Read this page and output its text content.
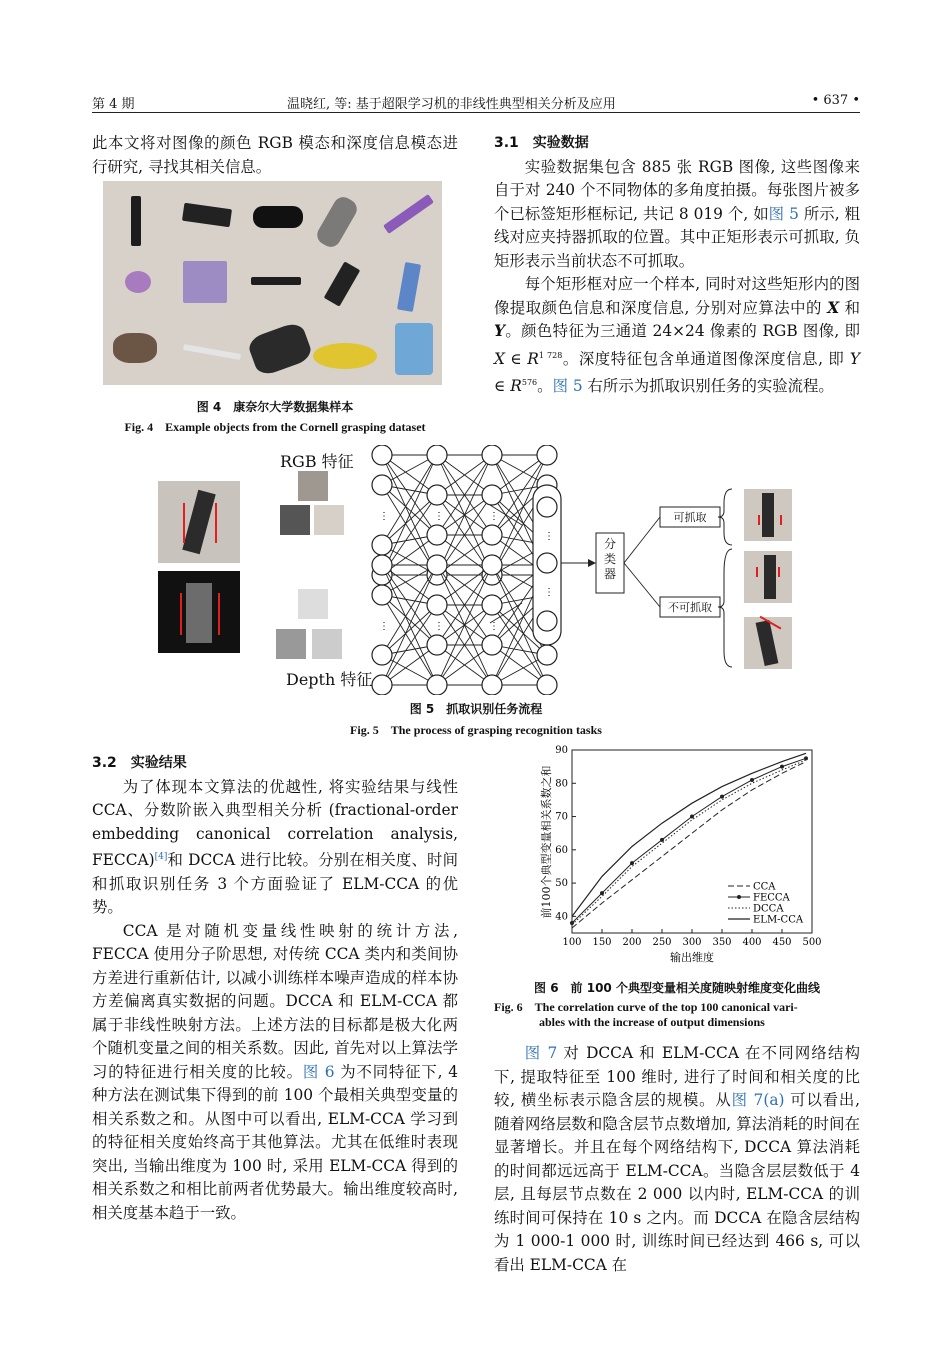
第 4 期	温晓红, 等: 基于超限学习机的非线性典型相关分析及应用	• 637 •

此本文将对图像的颜色 RGB 模态和深度信息模态进行研究, 寻找其相关信息。

图 4　康奈尔大学数据集样本
Fig. 4　Example objects from the Cornell grasping dataset

3.1　实验数据

实验数据集包含 885 张 RGB 图像, 这些图像来自于对 240 个不同物体的多角度拍摄。每张图片被多个已标签矩形框标记, 共记 8 019 个, 如图 5 所示, 粗线对应夹持器抓取的位置。其中正矩形表示可抓取, 负矩形表示当前状态不可抓取。

每个矩形框对应一个样本, 同时对这些矩形内的图像提取颜色信息和深度信息, 分别对应算法中的 X 和 Y。颜色特征为三通道 24×24 像素的 RGB 图像, 即 X ∈ $R^{1 728}$。深度特征包含单通道图像深度信息, 即 Y ∈ $R^{576}$。图 5 右所示为抓取识别任务的实验流程。

RGB 特征
Depth 特征
⋮	⋮	⋮
⋮	⋮	⋮
⋮
⋮
分类器
可抓取
不可抓取
图 5　抓取识别任务流程
Fig. 5　The process of grasping recognition tasks

3.2　实验结果

为了体现本文算法的优越性, 将实验结果与线性 CCA、分数阶嵌入典型相关分析 (fractional-order embedding canonical correlation analysis, FECCA)[4]和 DCCA 进行比较。分别在相关度、时间和抓取识别任务 3 个方面验证了 ELM-CCA 的优势。

CCA 是对随机变量线性映射的统计方法, FECCA 使用分子阶思想, 对传统 CCA 类内和类间协方差进行重新估计, 以减小训练样本噪声造成的样本协方差偏离真实数据的问题。DCCA 和 ELM-CCA 都属于非线性映射方法。上述方法的目标都是极大化两个随机变量之间的相关系数。因此, 首先对以上算法学习的特征进行相关度的比较。图 6 为不同特征下, 4 种方法在测试集下得到的前 100 个最相关典型变量的相关系数之和。从图中可以看出, ELM-CCA 学习到的特征相关度始终高于其他算法。尤其在低维时表现突出, 当输出维度为 100 时, 采用 ELM-CCA 得到的相关系数之和相比前两者优势最大。输出维度较高时, 相关度基本趋于一致。

前100个典型变量相关系数之和
输出维度
100 150 200 250 300 350 400 450 500
40
50
60
70
80
90
CCA
FECCA
DCCA
ELM-CCA
图 6　前 100 个典型变量相关度随映射维度变化曲线
Fig. 6　The correlation curve of the top 100 canonical vari-
ables with the increase of output dimensions

图 7 对 DCCA 和 ELM-CCA 在不同网络结构下, 提取特征至 100 维时, 进行了时间和相关度的比较, 横坐标表示隐含层的规模。从图 7(a) 可以看出, 随着网络层数和隐含层节点数增加, 算法消耗的时间在显著增长。并且在每个网络结构下, DCCA 算法消耗的时间都远远高于 ELM-CCA。当隐含层层数低于 4 层, 且每层节点数在 2 000 以内时, ELM-CCA 的训练时间可保持在 10 s 之内。而 DCCA 在隐含层结构为 1 000-1 000 时, 训练时间已经达到 466 s, 可以看出 ELM-CCA 在
